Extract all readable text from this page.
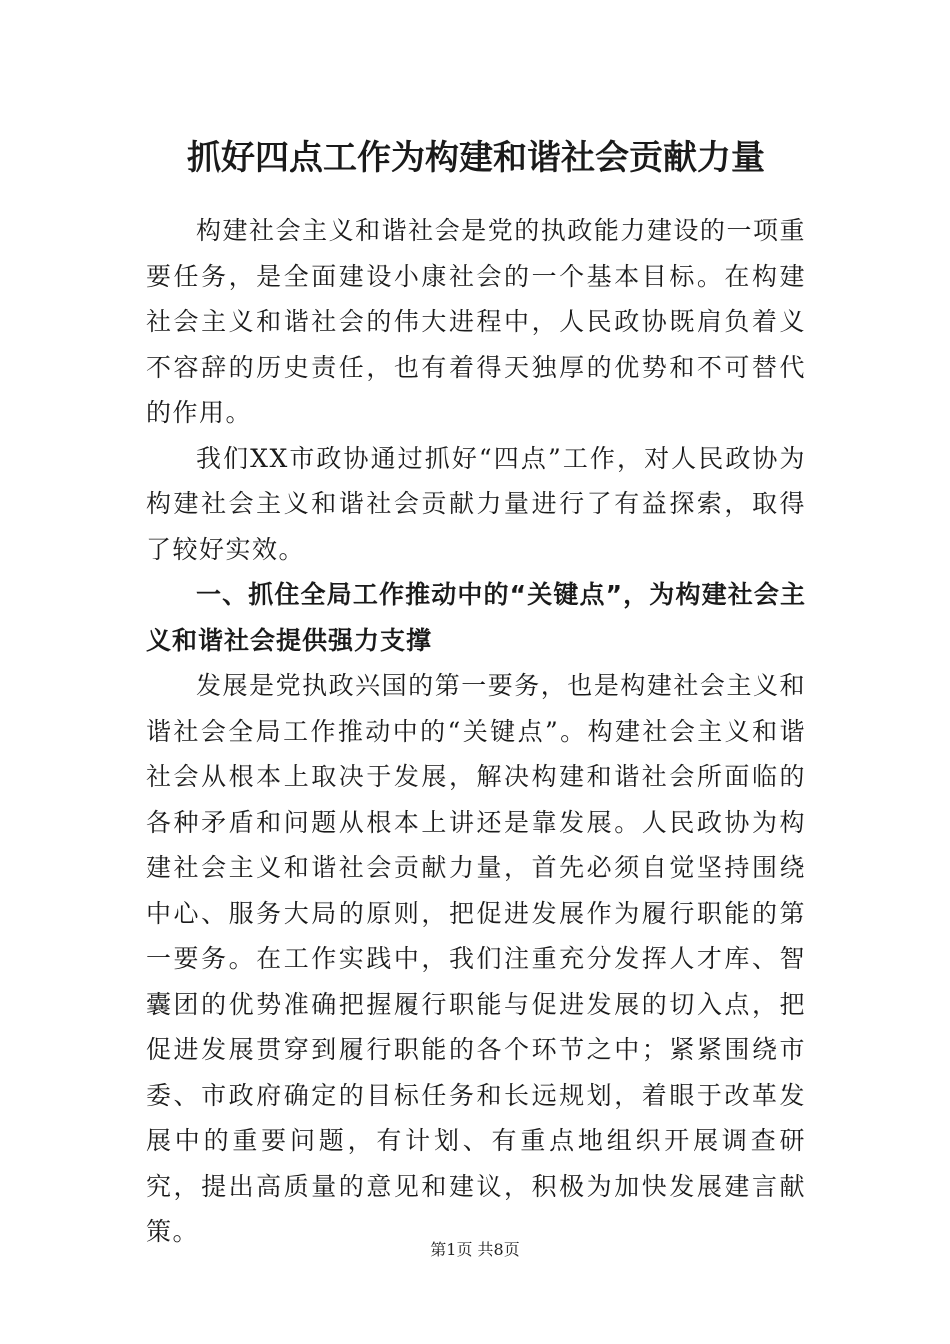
抓好四点工作为构建和谐社会贡献力量

构建社会主义和谐社会是党的执政能力建设的一项重要任务，是全面建设小康社会的一个基本目标。在构建社会主义和谐社会的伟大进程中，人民政协既肩负着义不容辞的历史责任，也有着得天独厚的优势和不可替代的作用。

我们XX市政协通过抓好“四点”工作，对人民政协为构建社会主义和谐社会贡献力量进行了有益探索，取得了较好实效。

一、抓住全局工作推动中的“关键点”，为构建社会主义和谐社会提供强力支撑

发展是党执政兴国的第一要务，也是构建社会主义和谐社会全局工作推动中的“关键点”。构建社会主义和谐社会从根本上取决于发展，解决构建和谐社会所面临的各种矛盾和问题从根本上讲还是靠发展。人民政协为构建社会主义和谐社会贡献力量，首先必须自觉坚持围绕中心、服务大局的原则，把促进发展作为履行职能的第一要务。在工作实践中，我们注重充分发挥人才库、智囊团的优势准确把握履行职能与促进发展的切入点，把促进发展贯穿到履行职能的各个环节之中；紧紧围绕市委、市政府确定的目标任务和长远规划，着眼于改革发展中的重要问题，有计划、有重点地组织开展调查研究，提出高质量的意见和建议，积极为加快发展建言献策。

第1页 共8页
